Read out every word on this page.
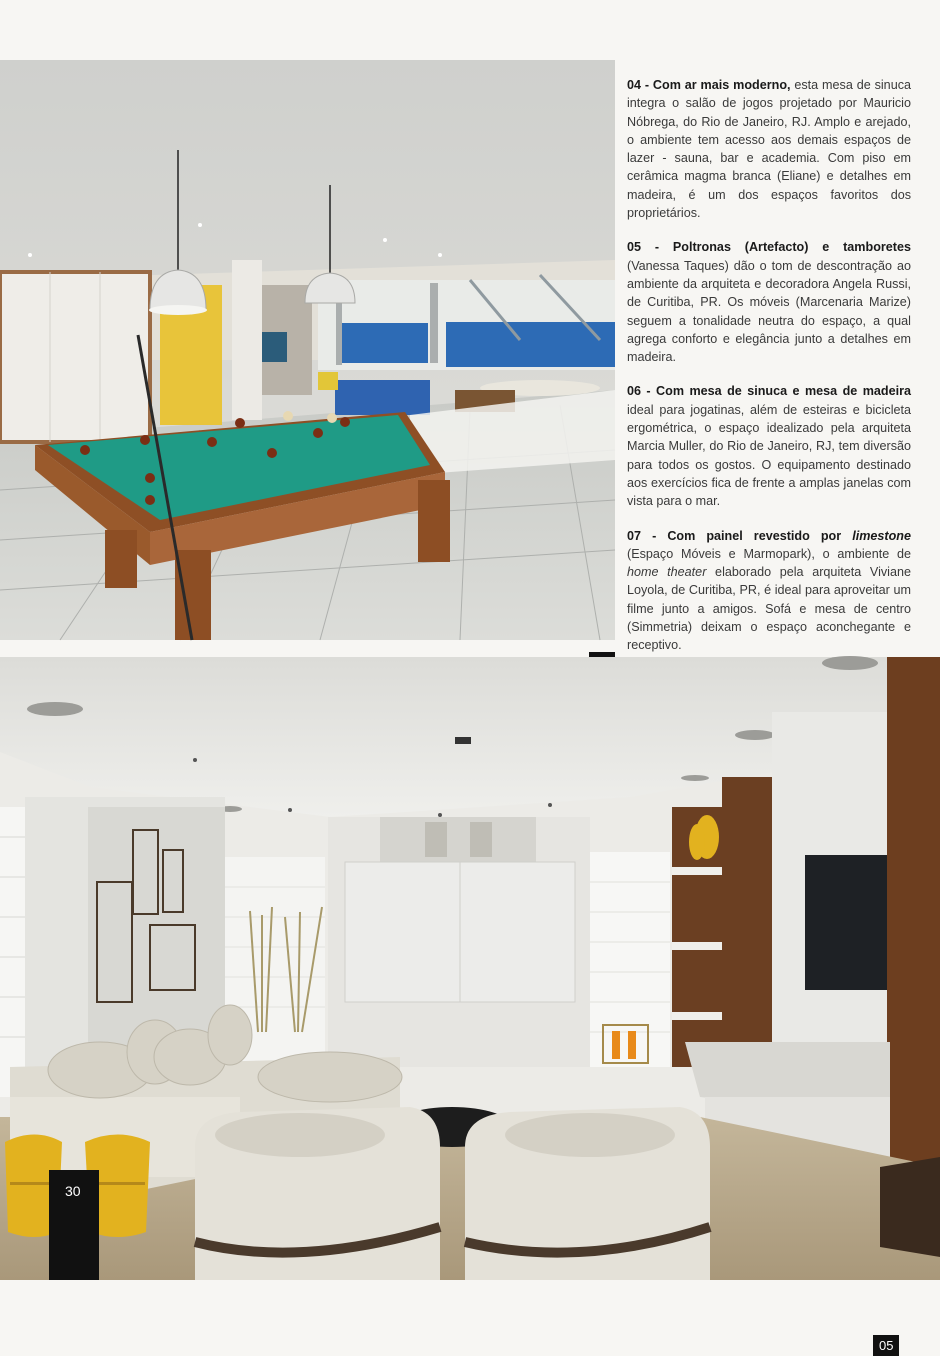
04 - Com ar mais moderno, esta mesa de sinuca integra o salão de jogos projetado por Mauricio Nóbrega, do Rio de Janeiro, RJ. Amplo e arejado, o ambiente tem acesso aos demais espaços de lazer - sauna, bar e academia. Com piso em cerâmica magma branca (Eliane) e detalhes em madeira, é um dos espaços favoritos dos proprietários.

05 - Poltronas (Artefacto) e tamboretes (Vanessa Taques) dão o tom de descontração ao ambiente da arquiteta e decoradora Angela Russi, de Curitiba, PR. Os móveis (Marcenaria Marize) seguem a tonalidade neutra do espaço, a qual agrega conforto e elegância junto a detalhes em madeira.

06 - Com mesa de sinuca e mesa de madeira ideal para jogatinas, além de esteiras e bicicleta ergométrica, o espaço idealizado pela arquiteta Marcia Muller, do Rio de Janeiro, RJ, tem diversão para todos os gostos. O equipamento destinado aos exercícios fica de frente a amplas janelas com vista para o mar.

07 - Com painel revestido por limestone (Espaço Móveis e Marmopark), o ambiente de home theater elaborado pela arquiteta Viviane Loyola, de Curitiba, PR, é ideal para aproveitar um filme junto a amigos. Sofá e mesa de centro (Simmetria) deixam o espaço aconchegante e receptivo.

05
30
